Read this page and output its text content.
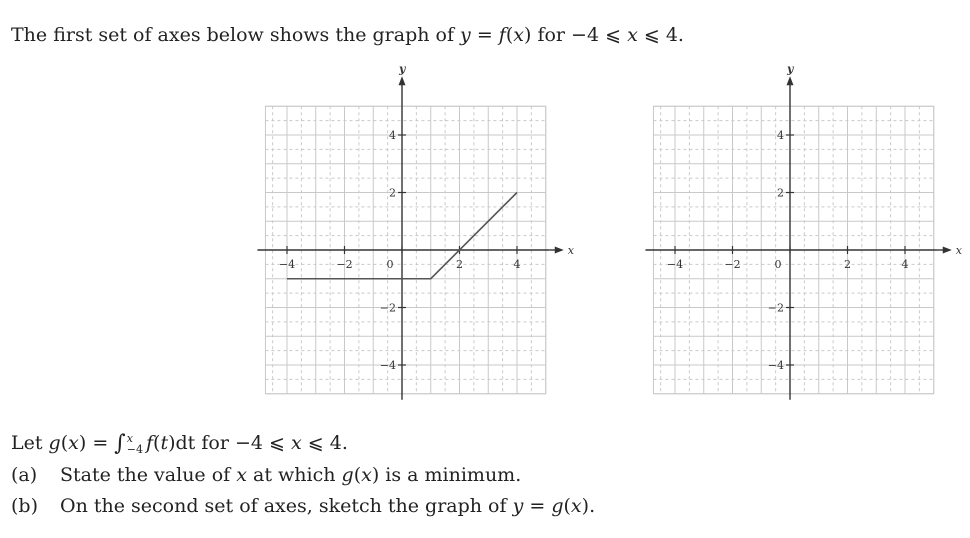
The first set of axes below shows the graph of y = f(x) for −4 ⩽ x ⩽ 4.
x
y
−4	−2	0	2	4
4
2
−2
−4
x
y
−4	−2	0	2	4
4
2
−2
−4
Let g(x) = ∫ x
−4 f(t)dt for −4 ⩽ x ⩽ 4.
(a) State the value of x at which g(x) is a minimum.
(b) On the second set of axes, sketch the graph of y = g(x).
